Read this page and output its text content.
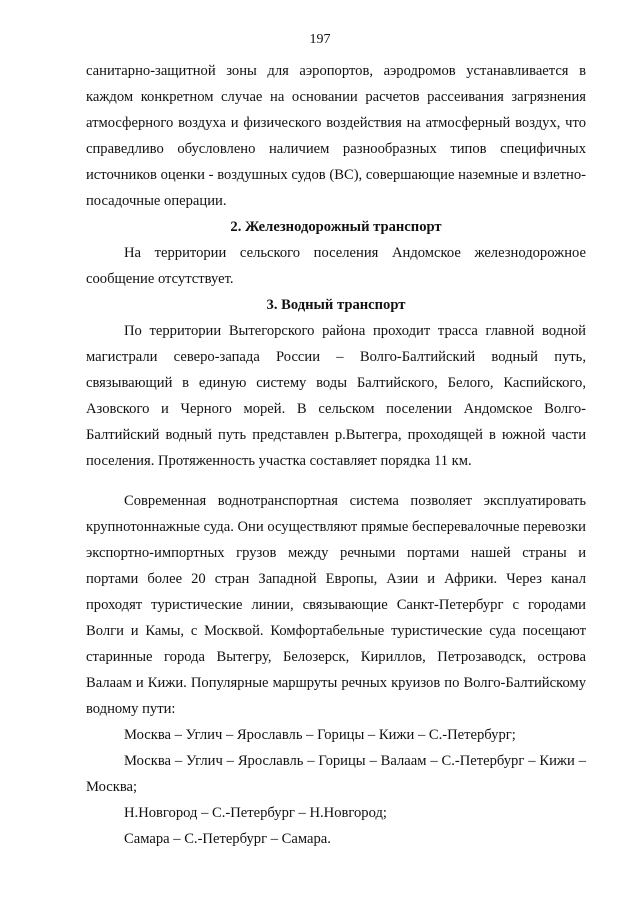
197

санитарно-защитной зоны для аэропортов, аэродромов устанавливается в каждом конкретном случае на основании расчетов рассеивания загрязнения атмосферного воздуха и физического воздействия на атмосферный воздух, что справедливо обусловлено наличием разнообразных типов специфичных источников оценки - воздушных судов (ВС), совершающие наземные и взлетно-посадочные операции.

2. Железнодорожный транспорт

На территории сельского поселения Андомское железнодорожное сообщение отсутствует.

3. Водный транспорт

По территории Вытегорского района проходит трасса главной водной магистрали северо-запада России – Волго-Балтийский водный путь, связывающий в единую систему воды Балтийского, Белого, Каспийского, Азовского и Черного морей. В сельском поселении Андомское Волго-Балтийский водный путь представлен р.Вытегра, проходящей в южной части поселения. Протяженность участка составляет порядка 11 км.

Современная воднотранспортная система позволяет эксплуатировать крупнотоннажные суда. Они осуществляют прямые бесперевалочные перевозки экспортно-импортных грузов между речными портами нашей страны и портами более 20 стран Западной Европы, Азии и Африки. Через канал проходят туристические линии, связывающие Санкт-Петербург с городами Волги и Камы, с Москвой. Комфортабельные туристические суда посещают старинные города Вытегру, Белозерск, Кириллов, Петрозаводск, острова Валаам и Кижи. Популярные маршруты речных круизов по Волго-Балтийскому водному пути:

Москва – Углич – Ярославль – Горицы – Кижи – С.-Петербург;

Москва – Углич – Ярославль – Горицы – Валаам – С.-Петербург – Кижи – Москва;

Н.Новгород – С.-Петербург – Н.Новгород;

Самара – С.-Петербург – Самара.
